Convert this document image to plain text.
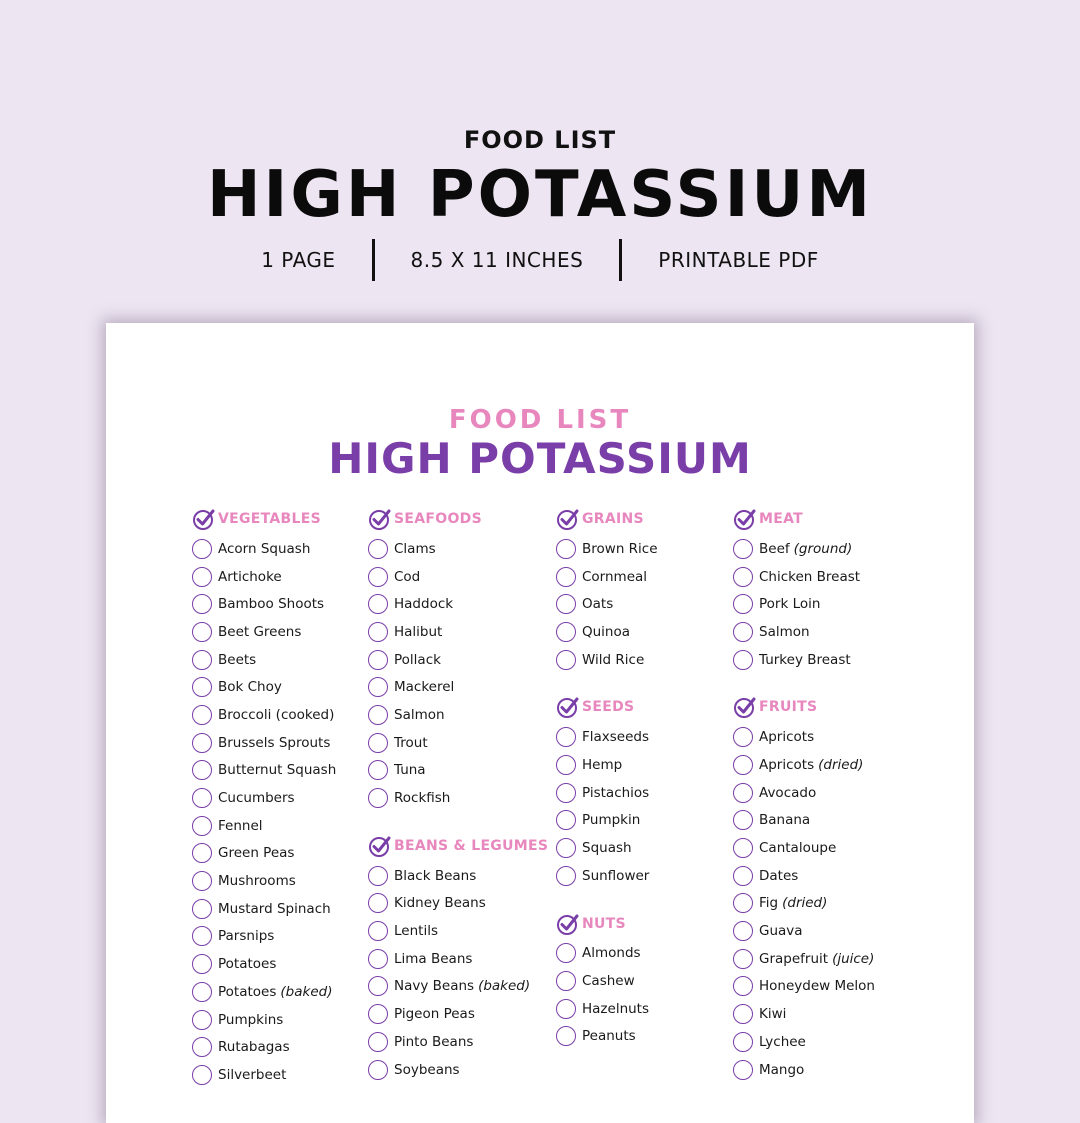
FOOD LIST
HIGH POTASSIUM
1 PAGE	8.5 X 11 INCHES	PRINTABLE PDF
FOOD LIST
HIGH POTASSIUM
VEGETABLES
Acorn Squash
Artichoke
Bamboo Shoots
Beet Greens
Beets
Bok Choy
Broccoli (cooked)
Brussels Sprouts
Butternut Squash
Cucumbers
Fennel
Green Peas
Mushrooms
Mustard Spinach
Parsnips
Potatoes
Potatoes (baked)
Pumpkins
Rutabagas
Silverbeet
SEAFOODS
Clams
Cod
Haddock
Halibut
Pollack
Mackerel
Salmon
Trout
Tuna
Rockfish
BEANS & LEGUMES
Black Beans
Kidney Beans
Lentils
Lima Beans
Navy Beans (baked)
Pigeon Peas
Pinto Beans
Soybeans
GRAINS
Brown Rice
Cornmeal
Oats
Quinoa
Wild Rice
SEEDS
Flaxseeds
Hemp
Pistachios
Pumpkin
Squash
Sunflower
NUTS
Almonds
Cashew
Hazelnuts
Peanuts
MEAT
Beef (ground)
Chicken Breast
Pork Loin
Salmon
Turkey Breast
FRUITS
Apricots
Apricots (dried)
Avocado
Banana
Cantaloupe
Dates
Fig (dried)
Guava
Grapefruit (juice)
Honeydew Melon
Kiwi
Lychee
Mango
